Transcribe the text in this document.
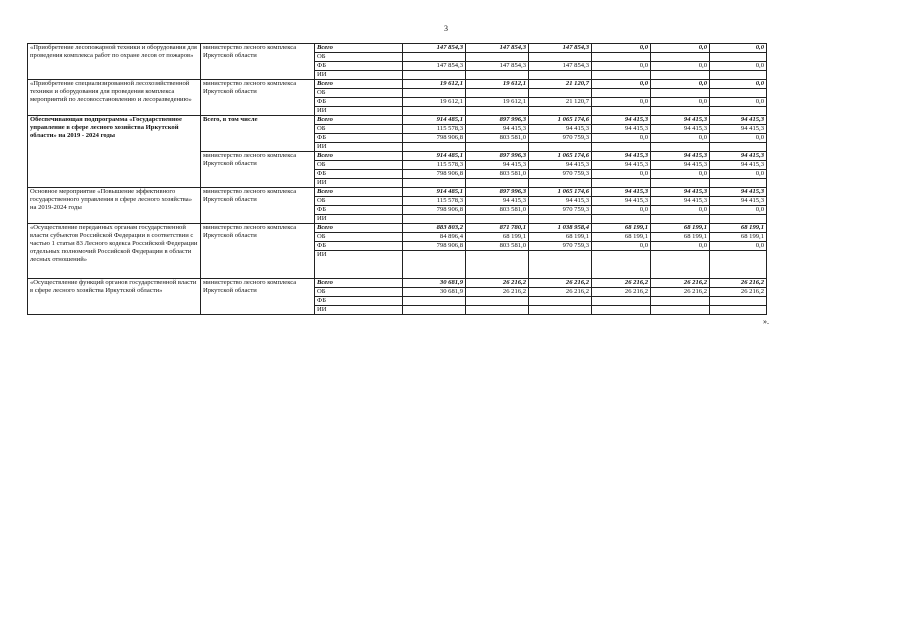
3
».
«Приобретение лесопожарной техники и оборудования для проведения комплекса работ по охране лесов от пожаров»	министерство лесного комплекса Иркутской области	Всего	147 854,3	147 854,3	147 854,3	0,0	0,0	0,0
		ОБ						
		ФБ	147 854,3	147 854,3	147 854,3	0,0	0,0	0,0
		ИИ						
«Приобретение специализированной лесохозяйственной техники и оборудования для проведения комплекса мероприятий по лесовосстановлению и лесоразведению»	министерство лесного комплекса Иркутской области	Всего	19 612,1	19 612,1	21 120,7	0,0	0,0	0,0
		ОБ						
		ФБ	19 612,1	19 612,1	21 120,7	0,0	0,0	0,0
		ИИ						
Обеспечивающая подпрограмма «Государственное управление в сфере лесного хозяйства Иркутской области» на 2019 - 2024 годы	Всего, в том числе	Всего	914 485,1	897 996,3	1 065 174,6	94 415,3	94 415,3	94 415,3
		ОБ	115 578,3	94 415,3	94 415,3	94 415,3	94 415,3	94 415,3
		ФБ	798 906,8	803 581,0	970 759,3	0,0	0,0	0,0
		ИИ						
	министерство лесного комплекса Иркутской области	Всего	914 485,1	897 996,3	1 065 174,6	94 415,3	94 415,3	94 415,3
		ОБ	115 578,3	94 415,3	94 415,3	94 415,3	94 415,3	94 415,3
		ФБ	798 906,8	803 581,0	970 759,3	0,0	0,0	0,0
		ИИ						
Основное мероприятие «Повышение эффективного государственного управления в сфере лесного хозяйства» на 2019-2024 годы	министерство лесного комплекса Иркутской области	Всего	914 485,1	897 996,3	1 065 174,6	94 415,3	94 415,3	94 415,3
		ОБ	115 578,3	94 415,3	94 415,3	94 415,3	94 415,3	94 415,3
		ФБ	798 906,8	803 581,0	970 759,3	0,0	0,0	0,0
		ИИ						
«Осуществление переданных органам государственной власти субъектов Российской Федерации в соответствии с частью 1 статьи 83 Лесного кодекса Российской Федерации отдельных полномочий Российской Федерации в области лесных отношений»	министерство лесного комплекса Иркутской области	Всего	883 803,2	871 780,1	1 038 958,4	68 199,1	68 199,1	68 199,1
		ОБ	84 896,4	68 199,1	68 199,1	68 199,1	68 199,1	68 199,1
		ФБ	798 906,8	803 581,0	970 759,3	0,0	0,0	0,0
		ИИ						
«Осуществление функций органов государственной власти в сфере лесного хозяйства Иркутской области»	министерство лесного комплекса Иркутской области	Всего	30 681,9	26 216,2	26 216,2	26 216,2	26 216,2	26 216,2
		ОБ	30 681,9	26 216,2	26 216,2	26 216,2	26 216,2	26 216,2
		ФБ						
		ИИ						
